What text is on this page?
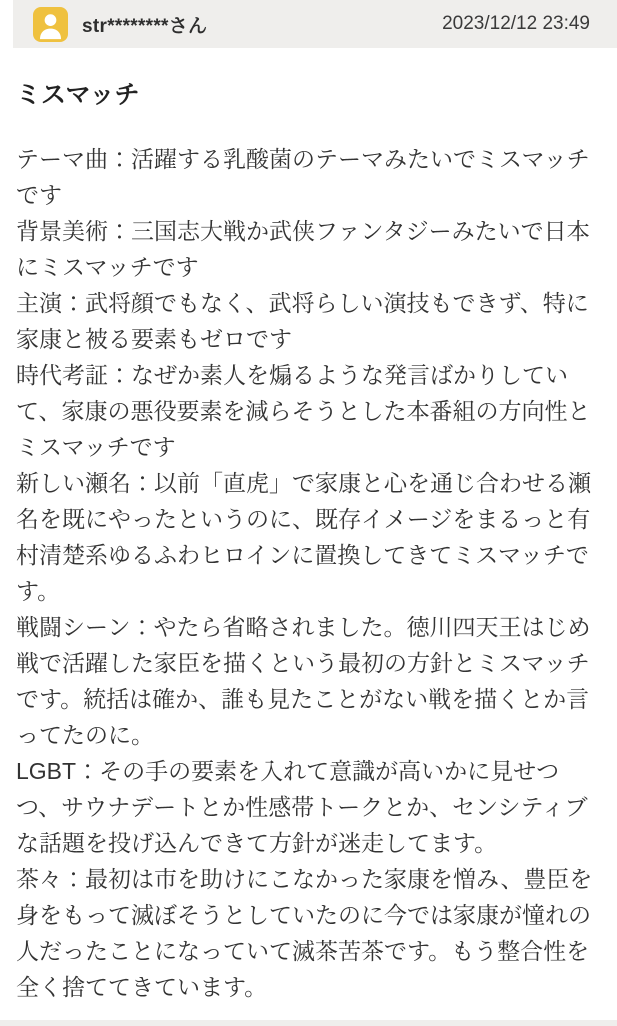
str********さん	2023/12/12 23:49
ミスマッチ

テーマ曲：活躍する乳酸菌のテーマみたいでミスマッチです

背景美術：三国志大戦か武侠ファンタジーみたいで日本にミスマッチです

主演：武将顔でもなく、武将らしい演技もできず、特に家康と被る要素もゼロです

時代考証：なぜか素人を煽るような発言ばかりしていて、家康の悪役要素を減らそうとした本番組の方向性とミスマッチです

新しい瀬名：以前「直虎」で家康と心を通じ合わせる瀬名を既にやったというのに、既存イメージをまるっと有村清楚系ゆるふわヒロインに置換してきてミスマッチです。

戦闘シーン：やたら省略されました。徳川四天王はじめ戦で活躍した家臣を描くという最初の方針とミスマッチです。統括は確か、誰も見たことがない戦を描くとか言ってたのに。

LGBT：その手の要素を入れて意識が高いかに見せつつ、サウナデートとか性感帯トークとか、センシティブな話題を投げ込んできて方針が迷走してます。

茶々：最初は市を助けにこなかった家康を憎み、豊臣を身をもって滅ぼそうとしていたのに今では家康が憧れの人だったことになっていて滅茶苦茶です。もう整合性を全く捨ててきています。
